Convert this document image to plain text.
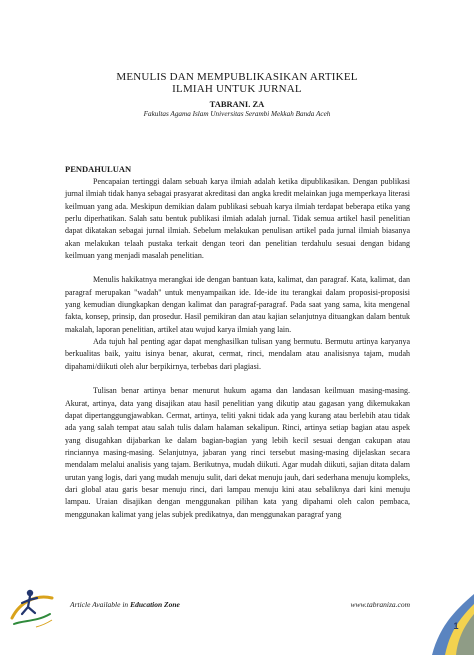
MENULIS DAN MEMPUBLIKASIKAN ARTIKEL
ILMIAH UNTUK JURNAL
TABRANI. ZA
Fakultas Agama Islam Universitas Serambi Mekkah Banda Aceh
PENDAHULUAN

Pencapaian tertinggi dalam sebuah karya ilmiah adalah ketika dipublikasikan. Dengan publikasi jurnal ilmiah tidak hanya sebagai prasyarat akreditasi dan angka kredit melainkan juga memperkaya literasi keilmuan yang ada. Meskipun demikian dalam publikasi sebuah karya ilmiah terdapat beberapa etika yang perlu diperhatikan. Salah satu bentuk publikasi ilmiah adalah jurnal. Tidak semua artikel hasil penelitian dapat dikatakan sebagai jurnal ilmiah. Sebelum melakukan penulisan artikel pada jurnal ilmiah biasanya akan melakukan telaah pustaka terkait dengan teori dan penelitian terdahulu sesuai dengan bidang keilmuan yang menjadi masalah penelitian.

Menulis hakikatnya merangkai ide dengan bantuan kata, kalimat, dan paragraf. Kata, kalimat, dan paragraf merupakan "wadah" untuk menyampaikan ide. Ide-ide itu terangkai dalam proposisi-proposisi yang kemudian diungkapkan dengan kalimat dan paragraf-paragraf. Pada saat yang sama, kita mengenal fakta, konsep, prinsip, dan prosedur. Hasil pemikiran dan atau kajian selanjutnya dituangkan dalam bentuk makalah, laporan penelitian, artikel atau wujud karya ilmiah yang lain.

Ada tujuh hal penting agar dapat menghasilkan tulisan yang bermutu. Bermutu artinya karyanya berkualitas baik, yaitu isinya benar, akurat, cermat, rinci, mendalam atau analisisnya tajam, mudah dipahami/diikuti oleh alur berpikirnya, terbebas dari plagiasi.

Tulisan benar artinya benar menurut hukum agama dan landasan keilmuan masing-masing. Akurat, artinya, data yang disajikan atau hasil penelitian yang dikutip atau gagasan yang dikemukakan dapat dipertanggungjawabkan. Cermat, artinya, teliti yakni tidak ada yang kurang atau berlebih atau tidak ada yang salah tempat atau salah tulis dalam halaman sekalipun. Rinci, artinya setiap bagian atau aspek yang disugahkan dijabarkan ke dalam bagian-bagian yang lebih kecil sesuai dengan cakupan atau rinciannya masing-masing. Selanjutnya, jabaran yang rinci tersebut masing-masing dijelaskan secara mendalam melalui analisis yang tajam. Berikutnya, mudah diikuti. Agar mudah diikuti, sajian ditata dalam urutan yang logis, dari yang mudah menuju sulit, dari dekat menuju jauh, dari sederhana menuju kompleks, dari global atau garis besar menuju rinci, dari lampau menuju kini atau sebaliknya dari kini menuju lampau. Uraian disajikan dengan menggunakan pilihan kata yang dipahami oleh calon pembaca, menggunakan kalimat yang jelas subjek predikatnya, dan menggunakan paragraf yang

Article Available in Education Zone	www.tabraniza.com
1
